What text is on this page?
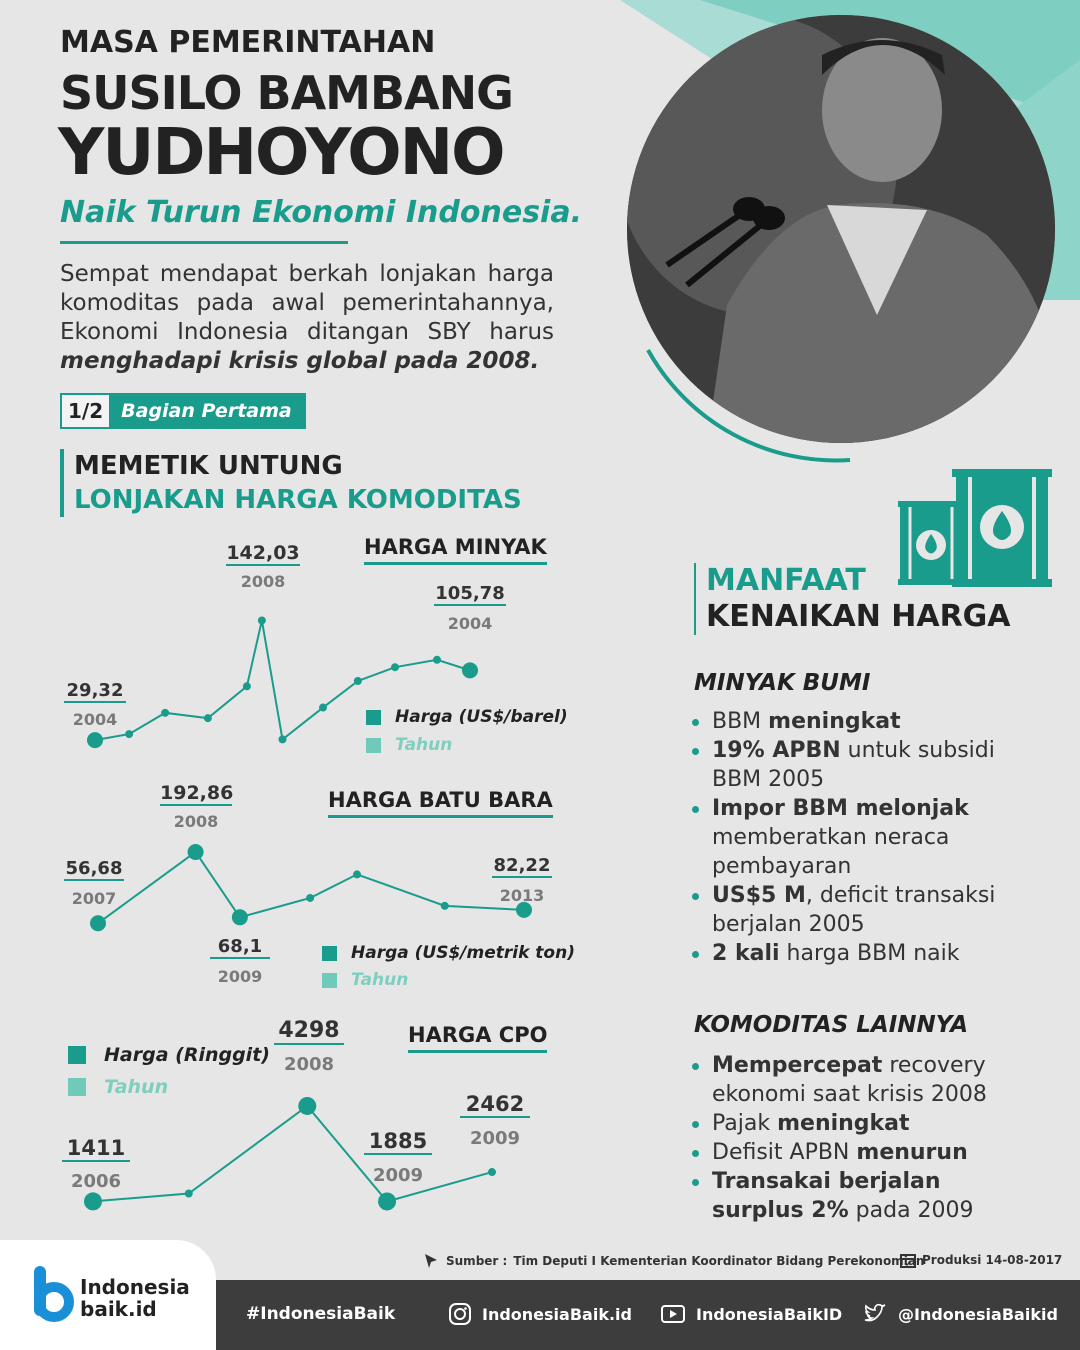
MASA PEMERINTAHAN
SUSILO BAMBANG
YUDHOYONO
Naik Turun Ekonomi Indonesia.
Sempat mendapat berkah lonjakan harga komoditas pada awal pemerintahannya, Ekonomi Indonesia ditangan SBY harus menghadapi krisis global pada 2008.
1/2 Bagian Pertama
MEMETIK UNTUNG
LONJAKAN HARGA KOMODITAS
HARGA MINYAK
HARGA BATU BARA
HARGA CPO
29,32
2004
142,03
2008
105,78
2004
56,68
2007
192,86
2008
68,1
2009
82,22
2013
1411
2006
4298
2008
1885
2009
2462
2009
Harga (US$/barel)
Tahun
Harga (US$/metrik ton)
Tahun
Harga (Ringgit)
Tahun
MANFAAT
KENAIKAN HARGA
MINYAK BUMI
BBM meningkat
19% APBN untuk subsidi BBM 2005
Impor BBM melonjak memberatkan neraca pembayaran
US$5 M, deficit transaksi berjalan 2005
2 kali harga BBM naik
KOMODITAS LAINNYA
Mempercepat recovery ekonomi saat krisis 2008
Pajak meningkat
Defisit APBN menurun
Transakai berjalan surplus 2% pada 2009
Sumber : Tim Deputi I Kementerian Koordinator Bidang Perekonomian
Produksi 14-08-2017
Indonesia
baik.id	#IndonesiaBaik	IndonesiaBaik.id	IndonesiaBaikID	@IndonesiaBaikid
